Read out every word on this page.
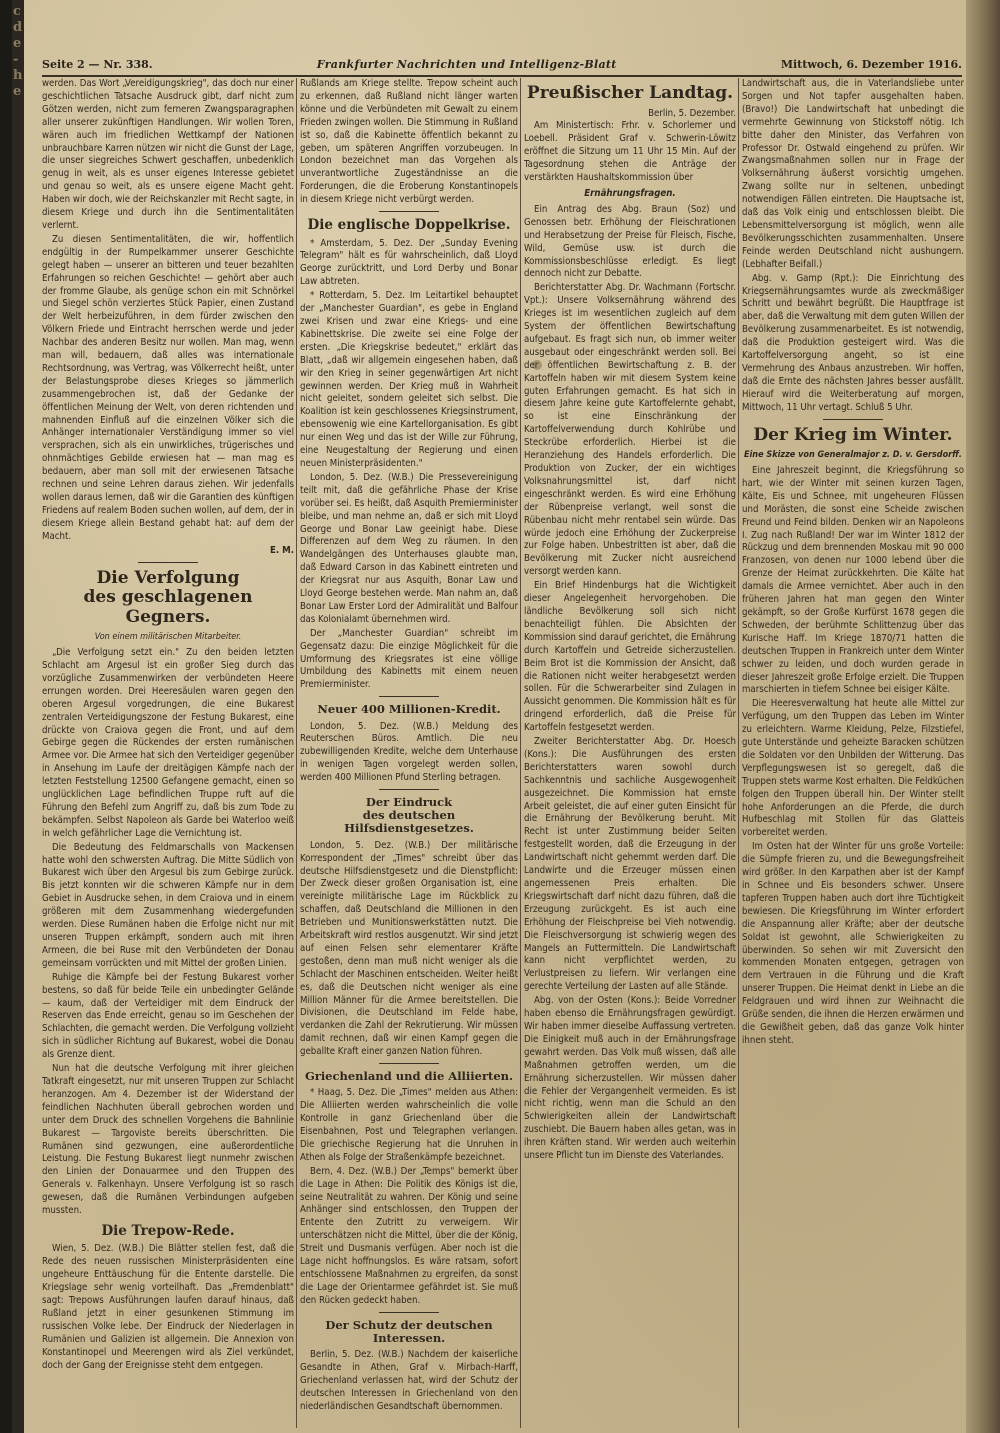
c d e - h e
Seite 2 — Nr. 338.	Frankfurter Nachrichten und Intelligenz-Blatt	Mittwoch, 6. Dezember 1916.

werden. Das Wort „Vereidigungskrieg", das doch nur einer geschichtlichen Tatsache Ausdruck gibt, darf nicht zum Götzen werden, nicht zum ferneren Zwangsparagraphen aller unserer zukünftigen Handlungen. Wir wollen Toren, wären auch im friedlichen Wettkampf der Nationen unbrauchbare Karren nützen wir nicht die Gunst der Lage, die unser siegreiches Schwert geschaffen, unbedenklich genug in weit, als es unser eigenes Interesse gebietet und genau so weit, als es unsere eigene Macht geht. Haben wir doch, wie der Reichskanzler mit Recht sagte, in diesem Kriege und durch ihn die Sentimentalitäten verlernt.

Zu diesen Sentimentalitäten, die wir, hoffentlich endgültig in der Rumpelkammer unserer Geschichte gelegt haben — unserer an bitteren und teuer bezahlten Erfahrungen so reichen Geschichte! — gehört aber auch der fromme Glaube, als genüge schon ein mit Schnörkel und Siegel schön verziertes Stück Papier, einen Zustand der Welt herbeizuführen, in dem fürder zwischen den Völkern Friede und Eintracht herrschen werde und jeder Nachbar des anderen Besitz nur wollen. Man mag, wenn man will, bedauern, daß alles was internationale Rechtsordnung, was Vertrag, was Völkerrecht heißt, unter der Belastungsprobe dieses Krieges so jämmerlich zusammengebrochen ist, daß der Gedanke der öffentlichen Meinung der Welt, von deren richtenden und mahnenden Einfluß auf die einzelnen Völker sich die Anhänger internationaler Verständigung immer so viel versprachen, sich als ein unwirkliches, trügerisches und ohnmächtiges Gebilde erwiesen hat — man mag es bedauern, aber man soll mit der erwiesenen Tatsache rechnen und seine Lehren daraus ziehen. Wir jedenfalls wollen daraus lernen, daß wir die Garantien des künftigen Friedens auf realem Boden suchen wollen, auf dem, der in diesem Kriege allein Bestand gehabt hat: auf dem der Macht.

E. M.
Die Verfolgung
des geschlagenen Gegners.
Von einem militärischen Mitarbeiter.

„Die Verfolgung setzt ein." Zu den beiden letzten Schlacht am Argesul ist ein großer Sieg durch das vorzügliche Zusammenwirken der verbündeten Heere errungen worden. Drei Heeresäulen waren gegen den oberen Argesul vorgedrungen, die eine Bukarest zentralen Verteidigungszone der Festung Bukarest, eine drückte von Craiova gegen die Front, und auf dem Gebirge gegen die Rückendes der ersten rumänischen Armee vor. Die Armee hat sich den Verteidiger gegenüber in Ansehung im Laufe der dreitägigen Kämpfe nach der letzten Feststellung 12500 Gefangene gemacht, einen so unglücklichen Lage befindlichen Truppe ruft auf die Führung den Befehl zum Angriff zu, daß bis zum Tode zu bekämpfen. Selbst Napoleon als Garde bei Waterloo weiß in welch gefährlicher Lage die Vernichtung ist.

Die Bedeutung des Feldmarschalls von Mackensen hatte wohl den schwersten Auftrag. Die Mitte Südlich von Bukarest wich über den Argesul bis zum Gebirge zurück. Bis jetzt konnten wir die schweren Kämpfe nur in dem Gebiet in Ausdrucke sehen, in dem Craiova und in einem größeren mit dem Zusammenhang wiedergefunden werden. Diese Rumänen haben die Erfolge nicht nur mit unseren Truppen erkämpft, sondern auch mit ihren Armeen, die bei Ruse mit den Verbündeten der Donau gemeinsam vorrückten und mit Mittel der großen Linien.

Ruhige die Kämpfe bei der Festung Bukarest vorher bestens, so daß für beide Teile ein unbedingter Gelände — kaum, daß der Verteidiger mit dem Eindruck der Reserven das Ende erreicht, genau so im Geschehen der Schlachten, die gemacht werden. Die Verfolgung vollzieht sich in südlicher Richtung auf Bukarest, wobei die Donau als Grenze dient.

Nun hat die deutsche Verfolgung mit ihrer gleichen Tatkraft eingesetzt, nur mit unseren Truppen zur Schlacht heranzogen. Am 4. Dezember ist der Widerstand der feindlichen Nachhuten überall gebrochen worden und unter dem Druck des schnellen Vorgehens die Bahnlinie Bukarest — Targoviste bereits überschritten. Die Rumänen sind gezwungen, eine außerordentliche Leistung. Die Festung Bukarest liegt nunmehr zwischen den Linien der Donauarmee und den Truppen des Generals v. Falkenhayn. Unsere Verfolgung ist so rasch gewesen, daß die Rumänen Verbindungen aufgeben mussten.

Die Trepow-Rede.

Wien, 5. Dez. (W.B.) Die Blätter stellen fest, daß die Rede des neuen russischen Ministerpräsidenten eine ungeheure Enttäuschung für die Entente darstelle. Die Kriegslage sehr wenig vorteilhaft. Das „Fremdenblatt" sagt: Trepows Ausführungen laufen darauf hinaus, daß Rußland jetzt in einer gesunkenen Stimmung im russischen Volke lebe. Der Eindruck der Niederlagen in Rumänien und Galizien ist allgemein. Die Annexion von Konstantinopel und Meerengen wird als Ziel verkündet, doch der Gang der Ereignisse steht dem entgegen.

Rußlands am Kriege stellte. Trepow scheint auch zu erkennen, daß Rußland nicht länger warten könne und die Verbündeten mit Gewalt zu einem Frieden zwingen wollen. Die Stimmung in Rußland ist so, daß die Kabinette öffentlich bekannt zu geben, um späteren Angriffen vorzubeugen. In London bezeichnet man das Vorgehen als unverantwortliche Zugeständnisse an die Forderungen, die die Eroberung Konstantinopels in diesem Kriege nicht verbürgt werden.

Die englische Doppelkrise.

* Amsterdam, 5. Dez. Der „Sunday Evening Telegram" hält es für wahrscheinlich, daß Lloyd George zurücktritt, und Lord Derby und Bonar Law abtreten.

* Rotterdam, 5. Dez. Im Leitartikel behauptet der „Manchester Guardian", es gebe in England zwei Krisen und zwar eine Kriegs- und eine Kabinettskrise. Die zweite sei eine Folge der ersten. „Die Kriegskrise bedeutet," erklärt das Blatt, „daß wir allgemein eingesehen haben, daß wir den Krieg in seiner gegenwärtigen Art nicht gewinnen werden. Der Krieg muß in Wahrheit nicht geleitet, sondern geleitet sich selbst. Die Koalition ist kein geschlossenes Kriegsinstrument, ebensowenig wie eine Kartellorganisation. Es gibt nur einen Weg und das ist der Wille zur Führung, eine Neugestaltung der Regierung und einen neuen Ministerpräsidenten."

London, 5. Dez. (W.B.) Die Pressevereinigung teilt mit, daß die gefährliche Phase der Krise vorüber sei. Es heißt, daß Asquith Premierminister bleibe, und man nehme an, daß er sich mit Lloyd George und Bonar Law geeinigt habe. Diese Differenzen auf dem Weg zu räumen. In den Wandelgängen des Unterhauses glaubte man, daß Edward Carson in das Kabinett eintreten und der Kriegsrat nur aus Asquith, Bonar Law und Lloyd George bestehen werde. Man nahm an, daß Bonar Law Erster Lord der Admiralität und Balfour das Kolonialamt übernehmen wird.

Der „Manchester Guardian" schreibt im Gegensatz dazu: Die einzige Möglichkeit für die Umformung des Kriegsrates ist eine völlige Umbildung des Kabinetts mit einem neuen Premierminister.

Neuer 400 Millionen-Kredit.

London, 5. Dez. (W.B.) Meldung des Reuterschen Büros. Amtlich. Die neu zubewilligenden Kredite, welche dem Unterhause in wenigen Tagen vorgelegt werden sollen, werden 400 Millionen Pfund Sterling betragen.

Der Eindruck
des deutschen Hilfsdienstgesetzes.

London, 5. Dez. (W.B.) Der militärische Korrespondent der „Times" schreibt über das deutsche Hilfsdienstgesetz und die Dienstpflicht: Der Zweck dieser großen Organisation ist, eine vereinigte militärische Lage im Rückblick zu schaffen, daß Deutschland die Millionen in den Betrieben und Munitionswerkstätten nutzt. Die Arbeitskraft wird restlos ausgenutzt. Wir sind jetzt auf einen Felsen sehr elementarer Kräfte gestoßen, denn man muß nicht weniger als die Schlacht der Maschinen entscheiden. Weiter heißt es, daß die Deutschen nicht weniger als eine Million Männer für die Armee bereitstellen. Die Divisionen, die Deutschland im Felde habe, verdanken die Zahl der Rekrutierung. Wir müssen damit rechnen, daß wir einen Kampf gegen die geballte Kraft einer ganzen Nation führen.

Griechenland und die Alliierten.

* Haag, 5. Dez. Die „Times" melden aus Athen: Die Alliierten werden wahrscheinlich die volle Kontrolle in ganz Griechenland über die Eisenbahnen, Post und Telegraphen verlangen. Die griechische Regierung hat die Unruhen in Athen als Folge der Straßenkämpfe bezeichnet.

Bern, 4. Dez. (W.B.) Der „Temps" bemerkt über die Lage in Athen: Die Politik des Königs ist die, seine Neutralität zu wahren. Der König und seine Anhänger sind entschlossen, den Truppen der Entente den Zutritt zu verweigern. Wir unterschätzen nicht die Mittel, über die der König, Streit und Dusmanis verfügen. Aber noch ist die Lage nicht hoffnungslos. Es wäre ratsam, sofort entschlossene Maßnahmen zu ergreifen, da sonst die Lage der Orientarmee gefährdet ist. Sie muß den Rücken gedeckt haben.

Der Schutz der deutschen Interessen.

Berlin, 5. Dez. (W.B.) Nachdem der kaiserliche Gesandte in Athen, Graf v. Mirbach-Harff, Griechenland verlassen hat, wird der Schutz der deutschen Interessen in Griechenland von den niederländischen Gesandtschaft übernommen.

Preußischer Landtag.
Berlin, 5. Dezember.

Am Ministertisch: Frhr. v. Schorlemer und Loebell. Präsident Graf v. Schwerin-Löwitz eröffnet die Sitzung um 11 Uhr 15 Min. Auf der Tagesordnung stehen die Anträge der verstärkten Haushaltskommission über

Ernährungsfragen.

Ein Antrag des Abg. Braun (Soz) und Genossen betr. Erhöhung der Fleischrationen und Herabsetzung der Preise für Fleisch, Fische, Wild, Gemüse usw. ist durch die Kommissionsbeschlüsse erledigt. Es liegt dennoch nicht zur Debatte.

Berichterstatter Abg. Dr. Wachmann (Fortschr. Vpt.): Unsere Volksernährung während des Krieges ist im wesentlichen zugleich auf dem System der öffentlichen Bewirtschaftung aufgebaut. Es fragt sich nun, ob immer weiter ausgebaut oder eingeschränkt werden soll. Bei der öffentlichen Bewirtschaftung z. B. der Kartoffeln haben wir mit diesem System keine guten Erfahrungen gemacht. Es hat sich in diesem Jahre keine gute Kartoffelernte gehabt, so ist eine Einschränkung der Kartoffelverwendung durch Kohlrübe und Steckrübe erforderlich. Hierbei ist die Heranziehung des Handels erforderlich. Die Produktion von Zucker, der ein wichtiges Volksnahrungsmittel ist, darf nicht eingeschränkt werden. Es wird eine Erhöhung der Rübenpreise verlangt, weil sonst die Rübenbau nicht mehr rentabel sein würde. Das würde jedoch eine Erhöhung der Zuckerpreise zur Folge haben. Unbestritten ist aber, daß die Bevölkerung mit Zucker nicht ausreichend versorgt werden kann.

Ein Brief Hindenburgs hat die Wichtigkeit dieser Angelegenheit hervorgehoben. Die ländliche Bevölkerung soll sich nicht benachteiligt fühlen. Die Absichten der Kommission sind darauf gerichtet, die Ernährung durch Kartoffeln und Getreide sicherzustellen. Beim Brot ist die Kommission der Ansicht, daß die Rationen nicht weiter herabgesetzt werden sollen. Für die Schwerarbeiter sind Zulagen in Aussicht genommen. Die Kommission hält es für dringend erforderlich, daß die Preise für Kartoffeln festgesetzt werden.

Zweiter Berichterstatter Abg. Dr. Hoesch (Kons.): Die Ausführungen des ersten Berichterstatters waren sowohl durch Sachkenntnis und sachliche Ausgewogenheit ausgezeichnet. Die Kommission hat ernste Arbeit geleistet, die auf einer guten Einsicht für die Ernährung der Bevölkerung beruht. Mit Recht ist unter Zustimmung beider Seiten festgestellt worden, daß die Erzeugung in der Landwirtschaft nicht gehemmt werden darf. Die Landwirte und die Erzeuger müssen einen angemessenen Preis erhalten. Die Kriegswirtschaft darf nicht dazu führen, daß die Erzeugung zurückgeht. Es ist auch eine Erhöhung der Fleischpreise bei Vieh notwendig. Die Fleischversorgung ist schwierig wegen des Mangels an Futtermitteln. Die Landwirtschaft kann nicht verpflichtet werden, zu Verlustpreisen zu liefern. Wir verlangen eine gerechte Verteilung der Lasten auf alle Stände.

Abg. von der Osten (Kons.): Beide Vorredner haben ebenso die Ernährungsfragen gewürdigt. Wir haben immer dieselbe Auffassung vertreten. Die Einigkeit muß auch in der Ernährungsfrage gewahrt werden. Das Volk muß wissen, daß alle Maßnahmen getroffen werden, um die Ernährung sicherzustellen. Wir müssen daher die Fehler der Vergangenheit vermeiden. Es ist nicht richtig, wenn man die Schuld an den Schwierigkeiten allein der Landwirtschaft zuschiebt. Die Bauern haben alles getan, was in ihren Kräften stand. Wir werden auch weiterhin unsere Pflicht tun im Dienste des Vaterlandes.

Landwirtschaft aus, die in Vaterlandsliebe unter Sorgen und Not tapfer ausgehalten haben. (Bravo!) Die Landwirtschaft hat unbedingt die vermehrte Gewinnung von Stickstoff nötig. Ich bitte daher den Minister, das Verfahren von Professor Dr. Ostwald eingehend zu prüfen. Wir Zwangsmaßnahmen sollen nur in Frage der Volksernährung äußerst vorsichtig umgehen. Zwang sollte nur in seltenen, unbedingt notwendigen Fällen eintreten. Die Hauptsache ist, daß das Volk einig und entschlossen bleibt. Die Lebensmittelversorgung ist möglich, wenn alle Bevölkerungsschichten zusammenhalten. Unsere Feinde werden Deutschland nicht aushungern. (Lebhafter Beifall.)

Abg. v. Gamp (Rpt.): Die Einrichtung des Kriegsernährungsamtes wurde als zweckmäßiger Schritt und bewährt begrüßt. Die Hauptfrage ist aber, daß die Verwaltung mit dem guten Willen der Bevölkerung zusammenarbeitet. Es ist notwendig, daß die Produktion gesteigert wird. Was die Kartoffelversorgung angeht, so ist eine Vermehrung des Anbaus anzustreben. Wir hoffen, daß die Ernte des nächsten Jahres besser ausfällt. Hierauf wird die Weiterberatung auf morgen, Mittwoch, 11 Uhr vertagt. Schluß 5 Uhr.

Der Krieg im Winter.
Eine Skizze von Generalmajor z. D. v. Gersdorff.

Eine Jahreszeit beginnt, die Kriegsführung so hart, wie der Winter mit seinen kurzen Tagen, Kälte, Eis und Schnee, mit ungeheuren Flüssen und Morästen, die sonst eine Scheide zwischen Freund und Feind bilden. Denken wir an Napoleons I. Zug nach Rußland! Der war im Winter 1812 der Rückzug und dem brennenden Moskau mit 90 000 Franzosen, von denen nur 1000 lebend über die Grenze der Heimat zurückkehrten. Die Kälte hat damals die Armee vernichtet. Aber auch in den früheren Jahren hat man gegen den Winter gekämpft, so der Große Kurfürst 1678 gegen die Schweden, der berühmte Schlittenzug über das Kurische Haff. Im Kriege 1870/71 hatten die deutschen Truppen in Frankreich unter dem Winter schwer zu leiden, und doch wurden gerade in dieser Jahreszeit große Erfolge erzielt. Die Truppen marschierten in tiefem Schnee bei eisiger Kälte.

Die Heeresverwaltung hat heute alle Mittel zur Verfügung, um den Truppen das Leben im Winter zu erleichtern. Warme Kleidung, Pelze, Filzstiefel, gute Unterstände und geheizte Baracken schützen die Soldaten vor den Unbilden der Witterung. Das Verpflegungswesen ist so geregelt, daß die Truppen stets warme Kost erhalten. Die Feldküchen folgen den Truppen überall hin. Der Winter stellt hohe Anforderungen an die Pferde, die durch Hufbeschlag mit Stollen für das Glatteis vorbereitet werden.

Im Osten hat der Winter für uns große Vorteile: die Sümpfe frieren zu, und die Bewegungsfreiheit wird größer. In den Karpathen aber ist der Kampf in Schnee und Eis besonders schwer. Unsere tapferen Truppen haben auch dort ihre Tüchtigkeit bewiesen. Die Kriegsführung im Winter erfordert die Anspannung aller Kräfte; aber der deutsche Soldat ist gewohnt, alle Schwierigkeiten zu überwinden. So sehen wir mit Zuversicht den kommenden Monaten entgegen, getragen von dem Vertrauen in die Führung und die Kraft unserer Truppen. Die Heimat denkt in Liebe an die Feldgrauen und wird ihnen zur Weihnacht die Grüße senden, die ihnen die Herzen erwärmen und die Gewißheit geben, daß das ganze Volk hinter ihnen steht.
